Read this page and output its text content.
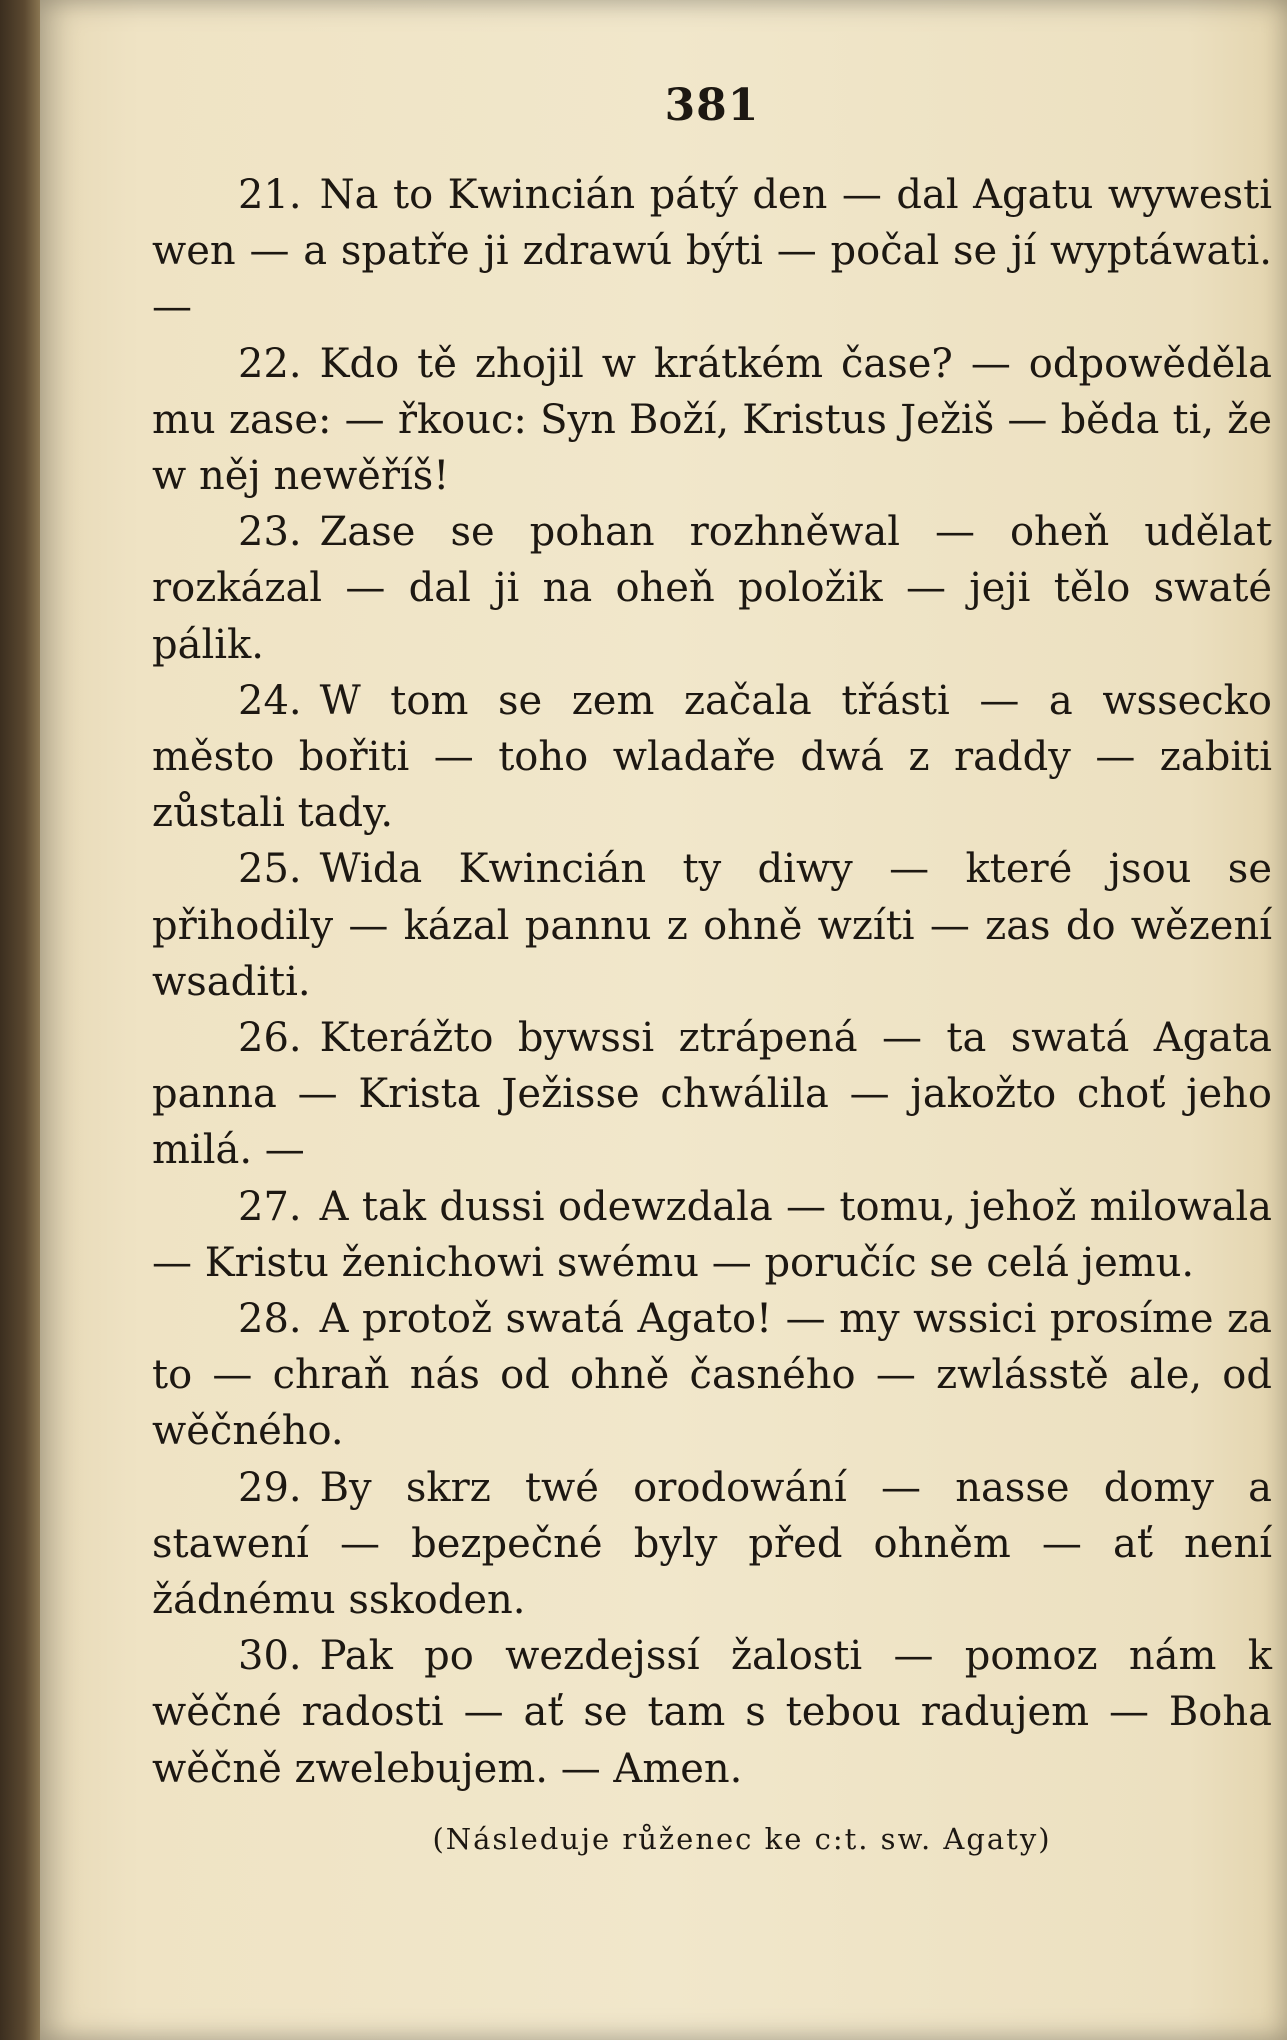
381

21. Na to Kwincián pátý den — dal Agatu wywesti wen — a spatře ji zdrawú býti — počal se jí wyptáwati. —

22. Kdo tě zhojil w krátkém čase? — odpowěděla mu zase: — řkouc: Syn Boží, Kristus Ježiš — běda ti, že w něj newěříš!

23. Zase se pohan rozhněwal — oheň udělat rozkázal — dal ji na oheň položik — jeji tělo swaté pálik.

24. W tom se zem začala třásti — a wssecko město bořiti — toho wladaře dwá z raddy — zabiti zůstali tady.

25. Wida Kwincián ty diwy — které jsou se přihodily — kázal pannu z ohně wzíti — zas do wězení wsaditi.

26. Kterážto bywssi ztrápená — ta swatá Agata panna — Krista Ježisse chwálila — jakožto choť jeho milá. —

27. A tak dussi odewzdala — tomu, jehož milowala — Kristu ženichowi swému — poručíc se celá jemu.

28. A protož swatá Agato! — my wssici prosíme za to — chraň nás od ohně časného — zwlásstě ale, od wěčného.

29. By skrz twé orodowání — nasse domy a stawení — bezpečné byly před ohněm — ať není žádnému sskoden.

30. Pak po wezdejssí žalosti — pomoz nám k wěčné radosti — ať se tam s tebou radujem — Boha wěčně zwelebujem. — Amen.

(Následuje růženec ke c:t. sw. Agaty)
